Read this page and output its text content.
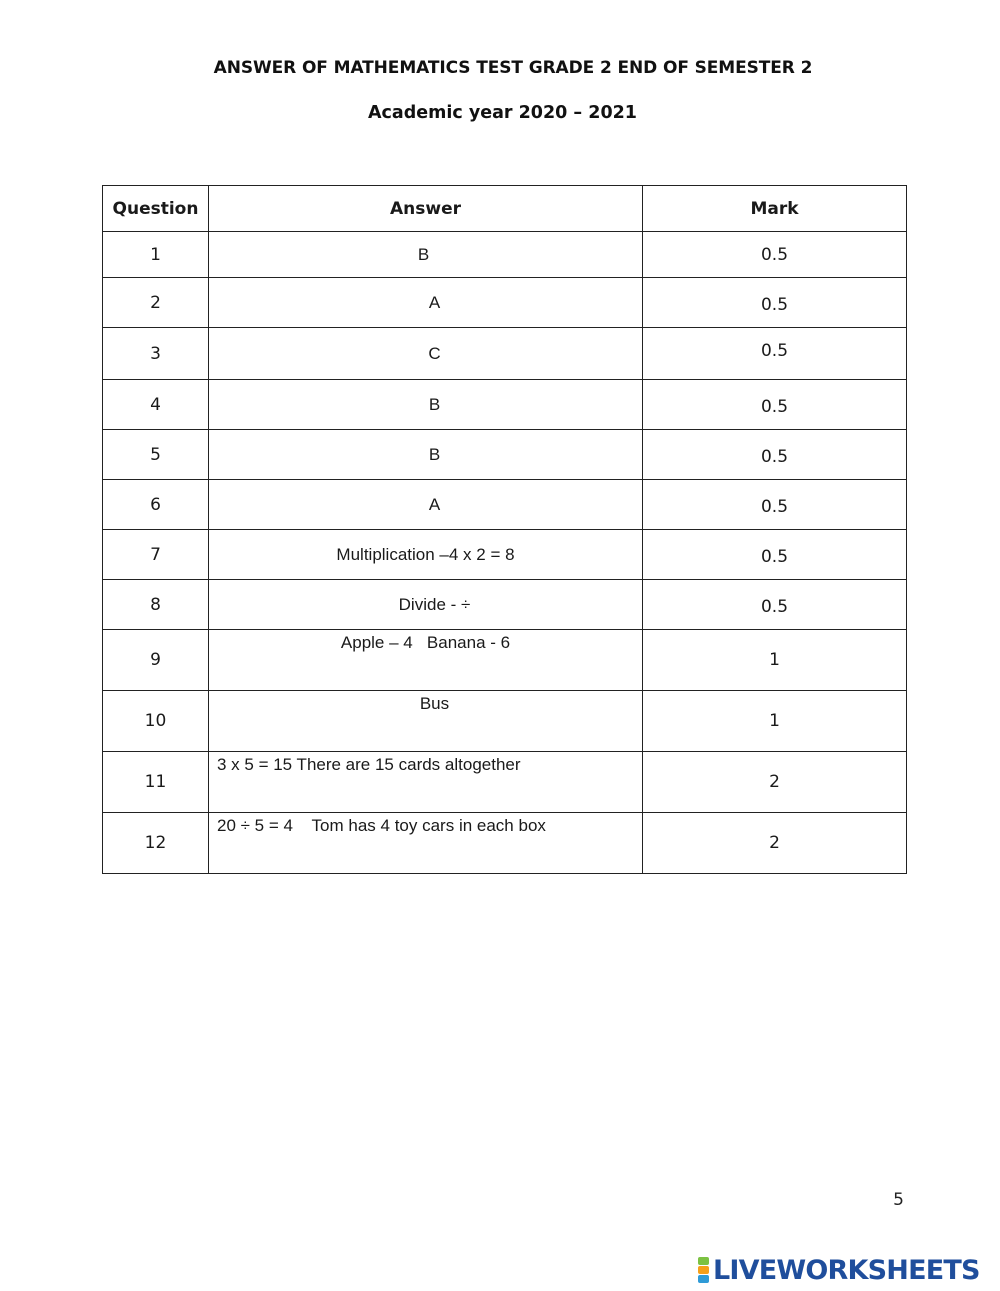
ANSWER OF MATHEMATICS TEST GRADE 2 END OF SEMESTER 2
Academic year 2020 – 2021
Question	Answer	Mark
1	B	0.5
2	A	0.5
3	C	0.5
4	B	0.5
5	B	0.5
6	A	0.5
7	Multiplication –4 x 2 = 8	0.5
8	Divide - ÷	0.5
9	Apple – 4   Banana - 6	1
10	Bus	1
11	3 x 5 = 15 There are 15 cards altogether	2
12	20 ÷ 5 = 4    Tom has 4 toy cars in each box	2
5
LIVEWORKSHEETS
